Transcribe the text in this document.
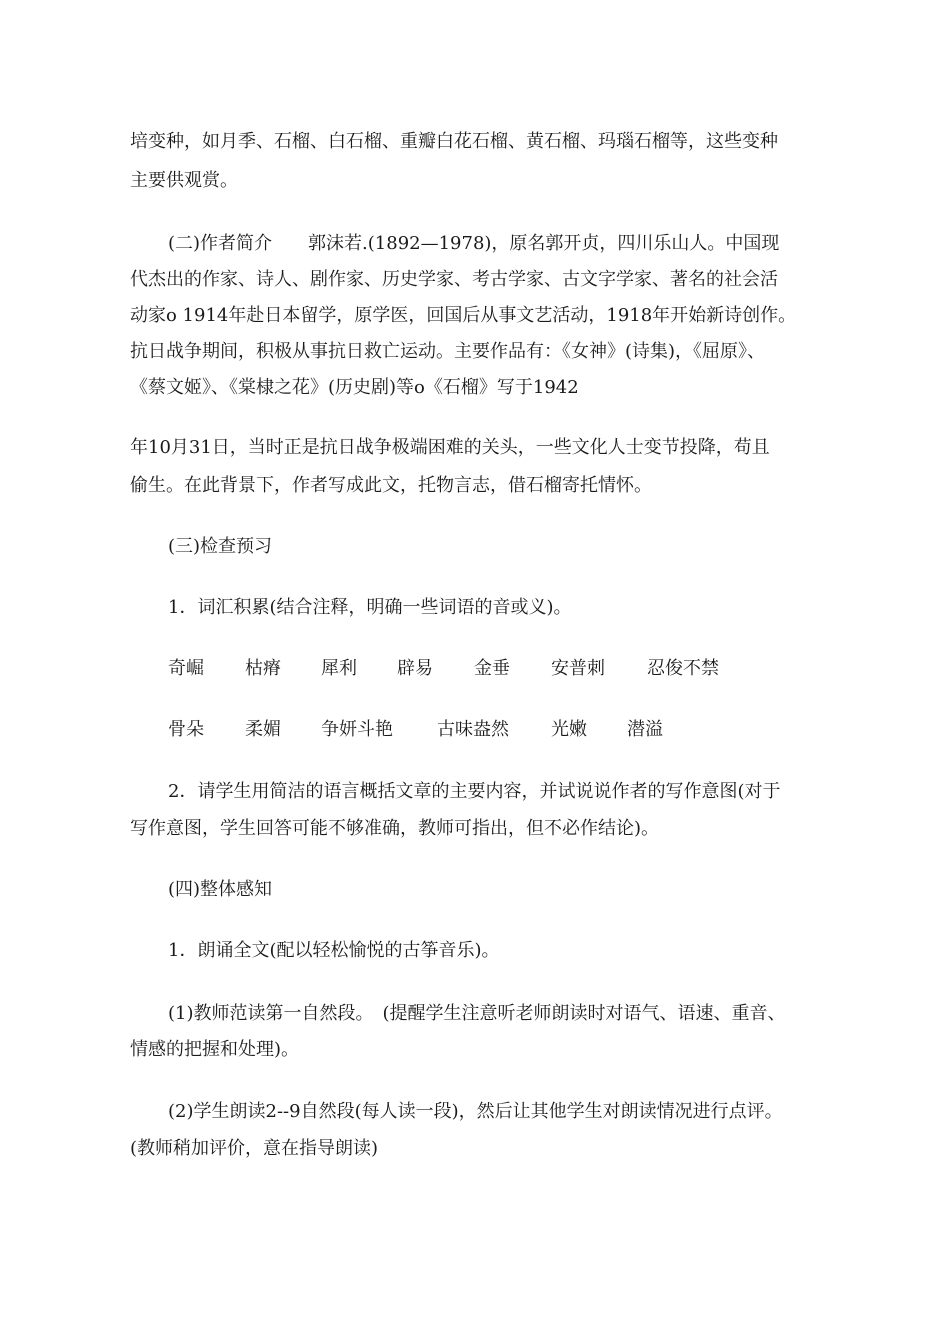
培变种，如月季、石榴、白石榴、重瓣白花石榴、黄石榴、玛瑙石榴等，这些变种
主要供观赏。
(二)作者简介　　郭沫若.(1892—1978)，原名郭开贞，四川乐山人。中国现
代杰出的作家、诗人、剧作家、历史学家、考古学家、古文字学家、著名的社会活
动家o 1914年赴日本留学，原学医，回国后从事文艺活动，1918年开始新诗创作。
抗日战争期间，积极从事抗日救亡运动。主要作品有：《女神》(诗集)，《屈原》、
《蔡文姬》、《棠棣之花》(历史剧)等o《石榴》写于1942
年10月31日，当时正是抗日战争极端困难的关头，一些文化人士变节投降，苟且
偷生。在此背景下，作者写成此文，托物言志，借石榴寄托情怀。
(三)检查预习
1．词汇积累(结合注释，明确一些词语的音或义)。
奇崛 枯瘠 犀利 辟易 金垂 安普刺 忍俊不禁
骨朵 柔媚 争妍斗艳 古味盎然 光嫩 潜溢
2．请学生用简洁的语言概括文章的主要内容，并试说说作者的写作意图(对于
写作意图，学生回答可能不够准确，教师可指出，但不必作结论)。
(四)整体感知
1．朗诵全文(配以轻松愉悦的古筝音乐)。
(1)教师范读第一自然段。　(提醒学生注意听老师朗读时对语气、语速、重音、
情感的把握和处理)。
(2)学生朗读2--9自然段(每人读一段)，然后让其他学生对朗读情况进行点评。
(教师稍加评价，意在指导朗读)
